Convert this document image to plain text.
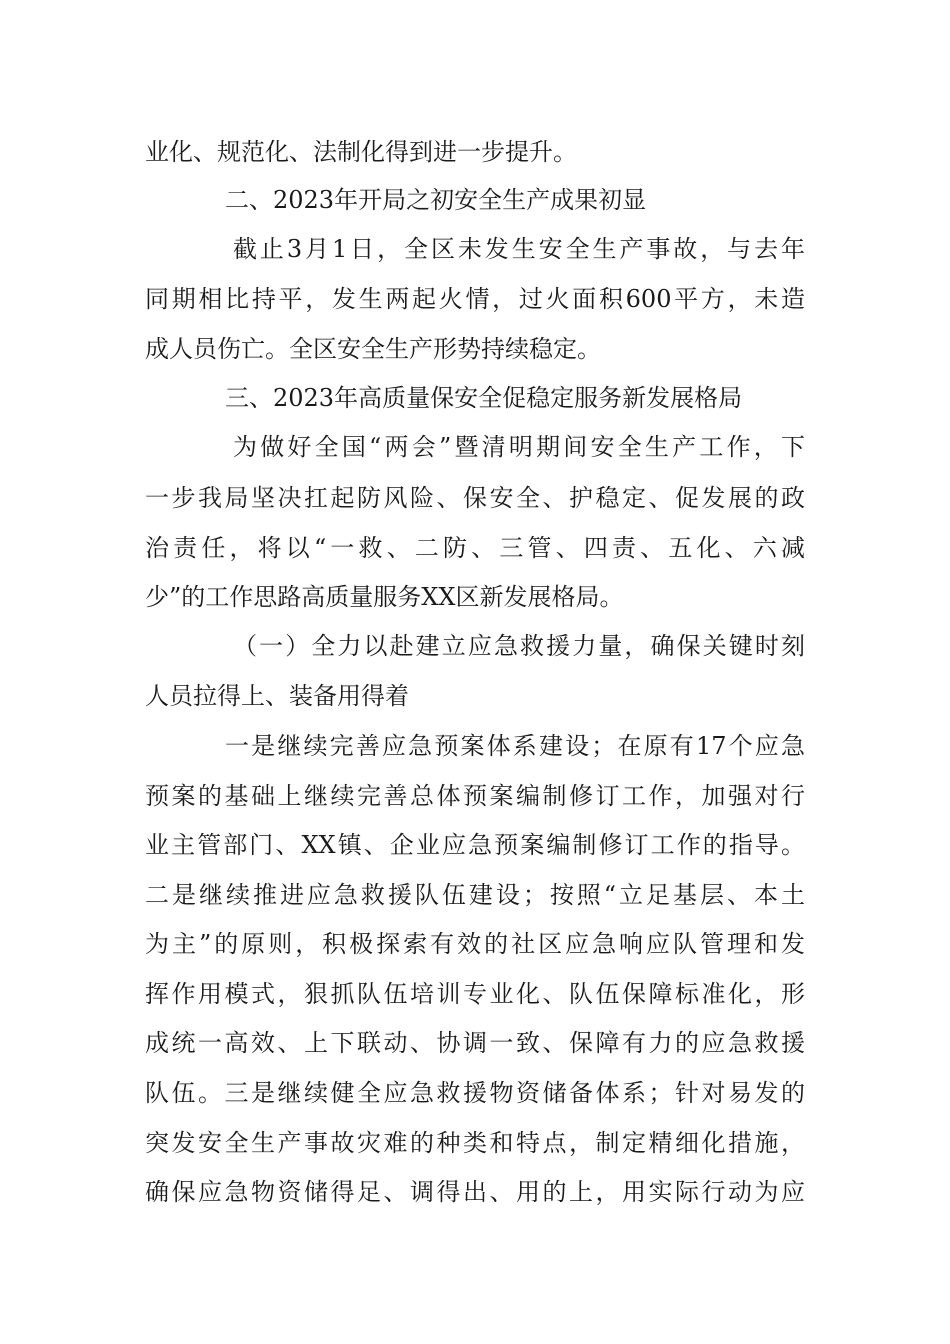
业化、规范化、法制化得到进一步提升。
二、2023年开局之初安全生产成果初显
截止3月1日，全区未发生安全生产事故，与去年
同期相比持平，发生两起火情，过火面积600平方，未造
成人员伤亡。全区安全生产形势持续稳定。
三、2023年高质量保安全促稳定服务新发展格局
为做好全国“两会”暨清明期间安全生产工作，下
一步我局坚决扛起防风险、保安全、护稳定、促发展的政
治责任，将以“一救、二防、三管、四责、五化、六减
少”的工作思路高质量服务XX区新发展格局。
（一）全力以赴建立应急救援力量，确保关键时刻
人员拉得上、装备用得着
一是继续完善应急预案体系建设；在原有17个应急
预案的基础上继续完善总体预案编制修订工作，加强对行
业主管部门、XX镇、企业应急预案编制修订工作的指导。
二是继续推进应急救援队伍建设；按照“立足基层、本土
为主”的原则，积极探索有效的社区应急响应队管理和发
挥作用模式，狠抓队伍培训专业化、队伍保障标准化，形
成统一高效、上下联动、协调一致、保障有力的应急救援
队伍。三是继续健全应急救援物资储备体系；针对易发的
突发安全生产事故灾难的种类和特点，制定精细化措施，
确保应急物资储得足、调得出、用的上，用实际行动为应
